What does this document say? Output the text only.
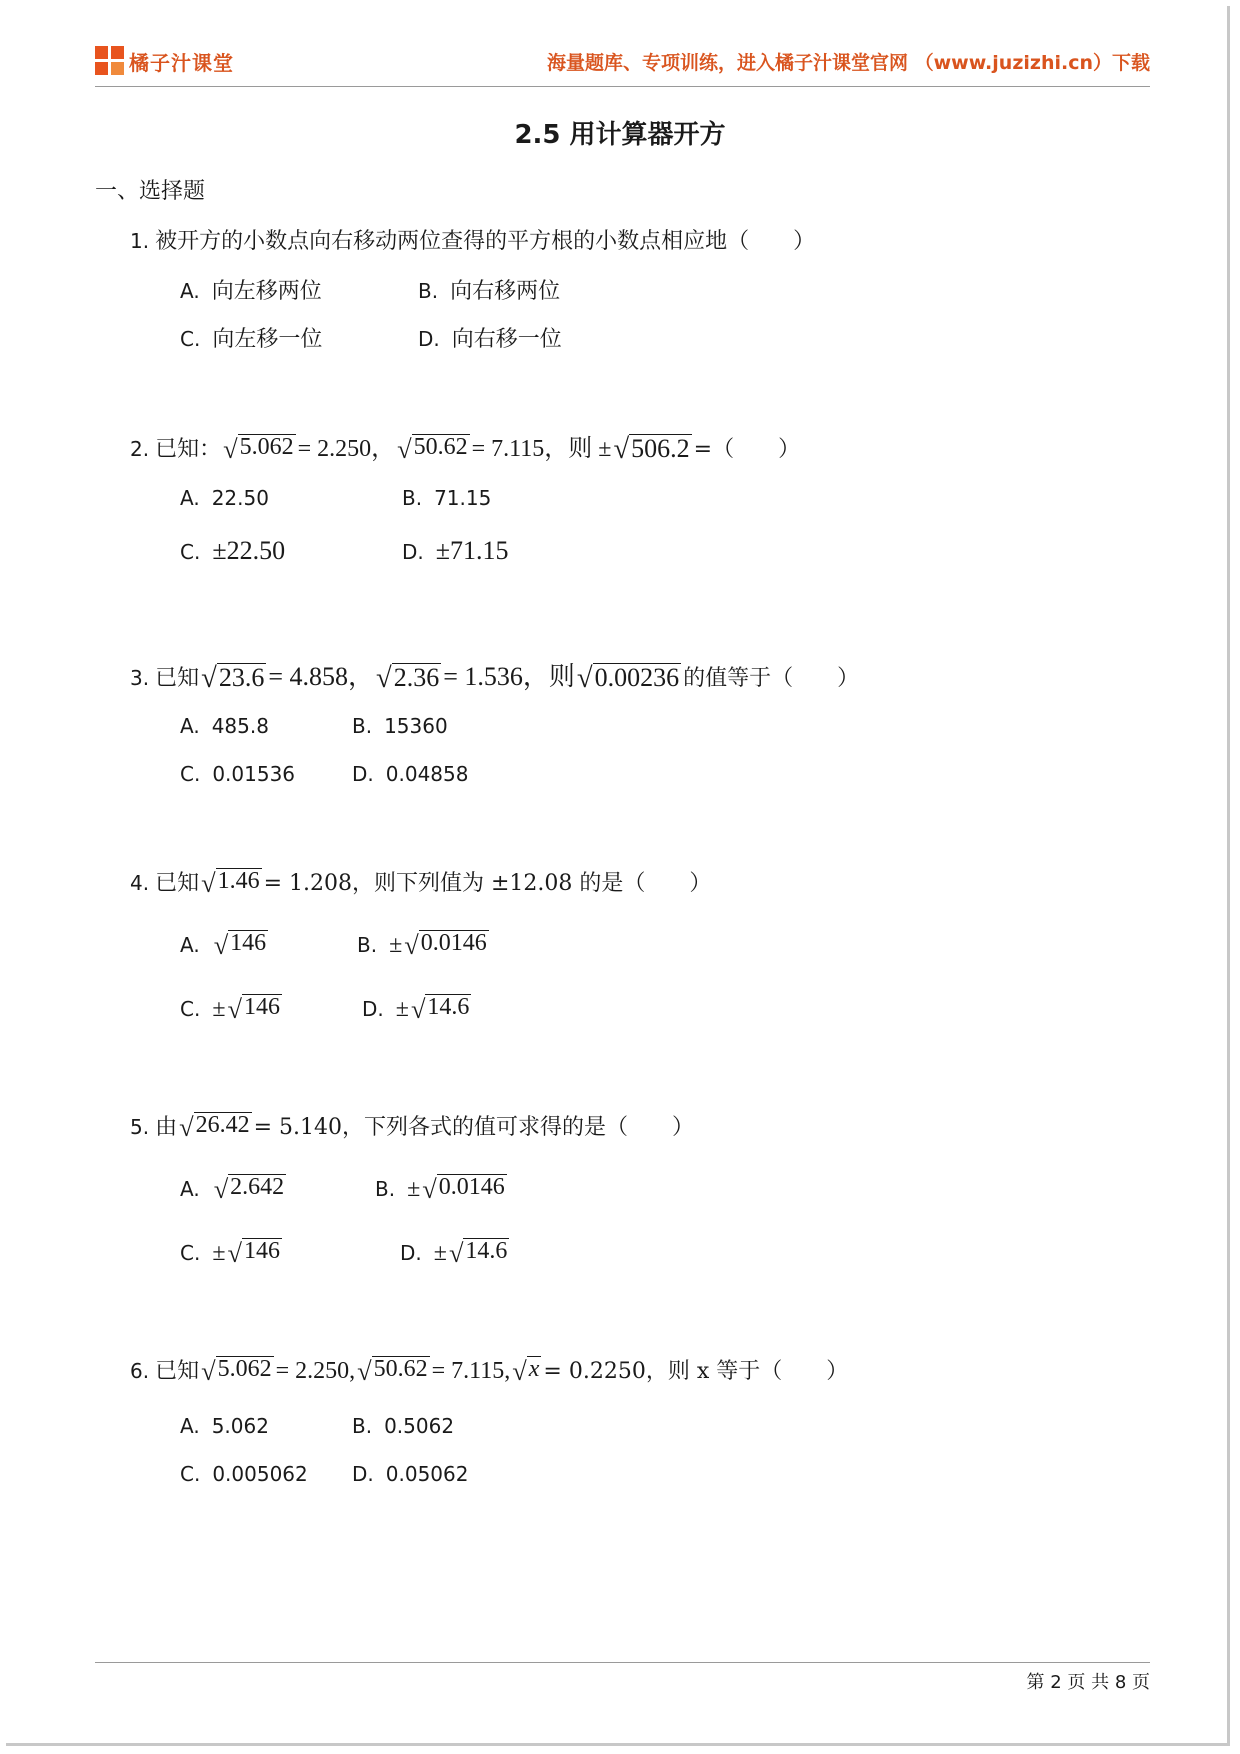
橘子汁课堂	海量题库、专项训练，进入橘子汁课堂官网 （www.juzizhi.cn）下载
2.5 用计算器开方
一、选择题
1. 被开方的小数点向右移动两位查得的平方根的小数点相应地（　　）
A. 向左移两位	B. 向右移两位
C. 向左移一位	D. 向右移一位
2. 已知： √ 5.062 = 2.250， √ 50.62 = 7.115，则 ± √ 506.2 =（　　）
A. 22.50	B. 71.15
C. ±22.50	D. ±71.15
3. 已知 √ 23.6 = 4.858， √ 2.36 = 1.536，则 √ 0.00236 的值等于（　　）
A. 485.8	B. 15360
C. 0.01536	D. 0.04858
4. 已知 √ 1.46 = 1.208，则下列值为 ±12.08 的是（　　）
A. √ 146	B. ± √ 0.0146
C. ± √ 146	D. ± √ 14.6
5. 由 √ 26.42 = 5.140，下列各式的值可求得的是（　　）
A. √ 2.642	B. ± √ 0.0146
C. ± √ 146	D. ± √ 14.6
6. 已知 √ 5.062 = 2.250, √ 50.62 = 7.115, √ x = 0.2250，则 x 等于（　　）
A. 5.062	B. 0.5062
C. 0.005062 D. 0.05062
第 2 页 共 8 页
